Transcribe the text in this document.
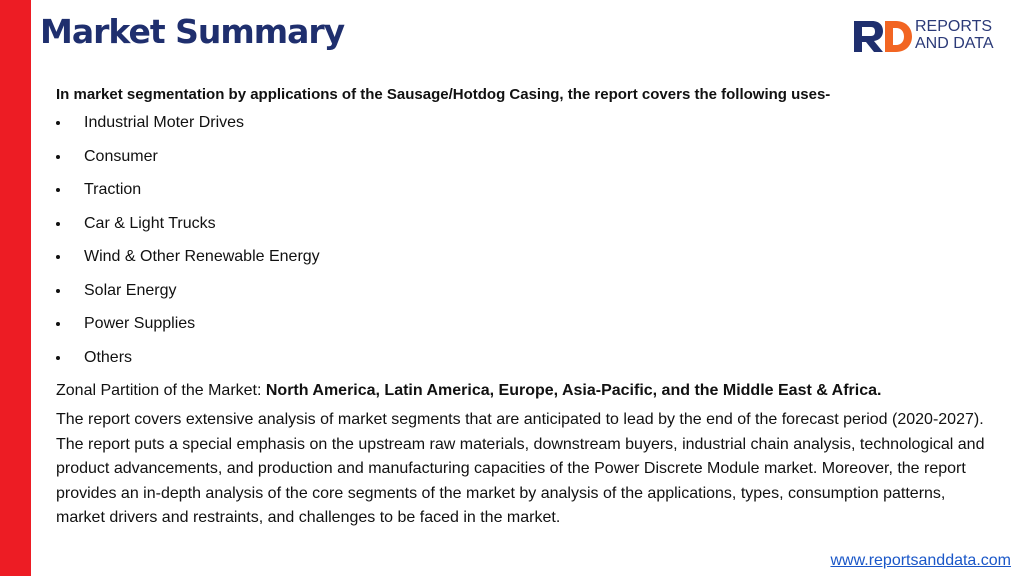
Market Summary	REPORTS
AND DATA

In market segmentation by applications of the Sausage/Hotdog Casing, the report covers the following uses-

Industrial Moter Drives
Consumer
Traction
Car & Light Trucks
Wind & Other Renewable Energy
Solar Energy
Power Supplies
Others

Zonal Partition of the Market: North America, Latin America, Europe, Asia-Pacific, and the Middle East & Africa.

The report covers extensive analysis of market segments that are anticipated to lead by the end of the forecast period (2020-2027). The report puts a special emphasis on the upstream raw materials, downstream buyers, industrial chain analysis, technological and product advancements, and production and manufacturing capacities of the Power Discrete Module market. Moreover, the report provides an in-depth analysis of the core segments of the market by analysis of the applications, types, consumption patterns, market drivers and restraints, and challenges to be faced in the market.

www.reportsanddata.com
